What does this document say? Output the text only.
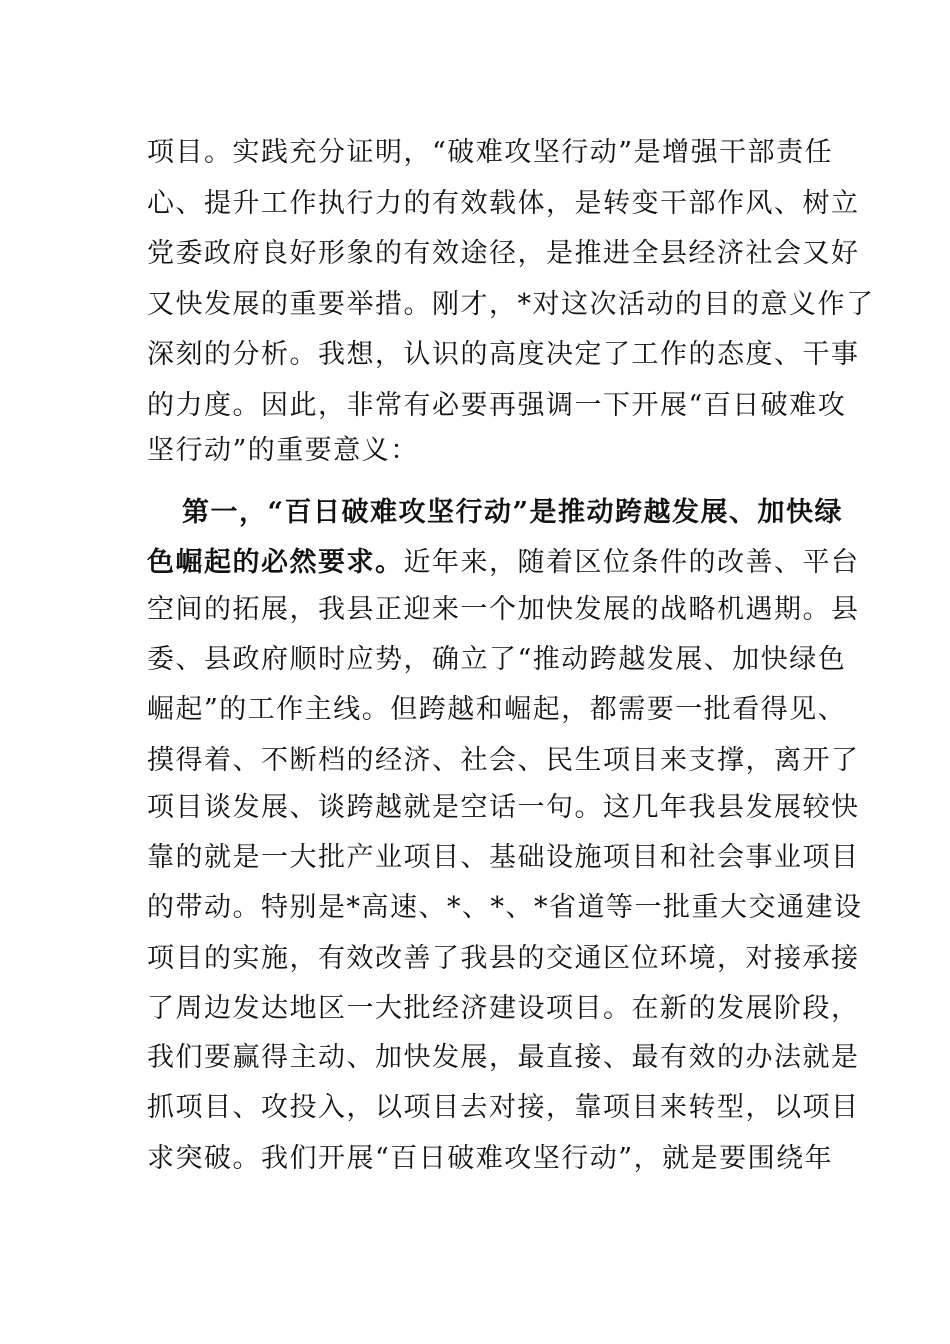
项目。实践充分证明，“破难攻坚行动”是增强干部责任
心、提升工作执行力的有效载体，是转变干部作风、树立
党委政府良好形象的有效途径，是推进全县经济社会又好
又快发展的重要举措。刚才，*对这次活动的目的意义作了
深刻的分析。我想，认识的高度决定了工作的态度、干事
的力度。因此，非常有必要再强调一下开展“百日破难攻
坚行动”的重要意义：
第一，“百日破难攻坚行动”是推动跨越发展、加快绿
色崛起的必然要求。近年来，随着区位条件的改善、平台
空间的拓展，我县正迎来一个加快发展的战略机遇期。县
委、县政府顺时应势，确立了“推动跨越发展、加快绿色
崛起”的工作主线。但跨越和崛起，都需要一批看得见、
摸得着、不断档的经济、社会、民生项目来支撑，离开了
项目谈发展、谈跨越就是空话一句。这几年我县发展较快
靠的就是一大批产业项目、基础设施项目和社会事业项目
的带动。特别是*高速、*、*、*省道等一批重大交通建设
项目的实施，有效改善了我县的交通区位环境，对接承接
了周边发达地区一大批经济建设项目。在新的发展阶段，
我们要赢得主动、加快发展，最直接、最有效的办法就是
抓项目、攻投入，以项目去对接，靠项目来转型，以项目
求突破。我们开展“百日破难攻坚行动”，就是要围绕年
